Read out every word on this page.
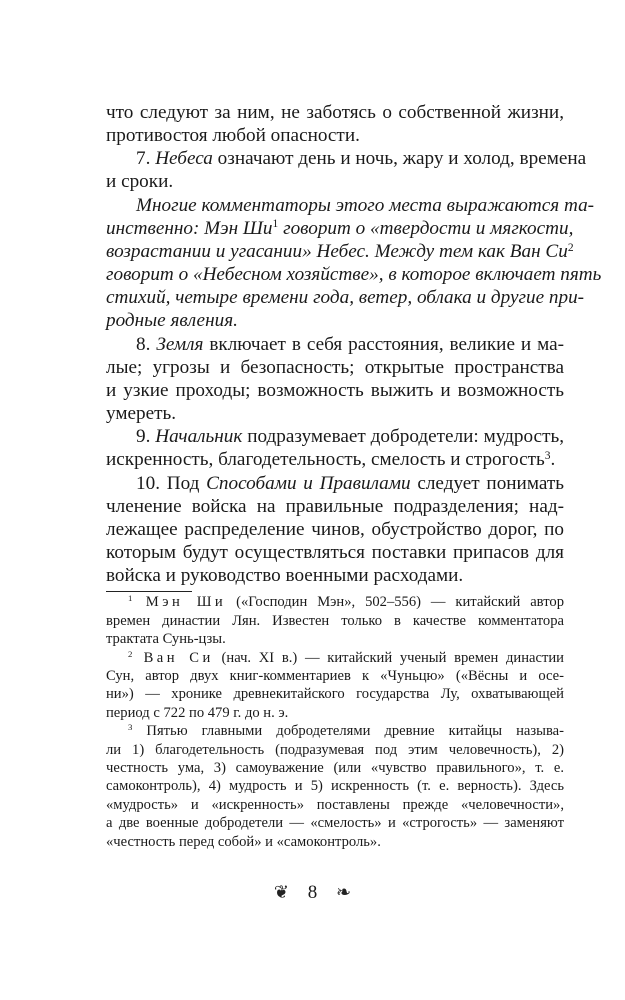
что следуют за ним, не заботясь о собственной жизни,
противостоя любой опасности.
7. Небеса означают день и ночь, жару и холод, времена
и сроки.
Многие комментаторы этого места выражаются та-
инственно: Мэн $Ши^1$ говорит о «твердости и мягкости,
возрастании и угасании» Небес. Между тем как Ван $Си^2$
говорит о «Небесном хозяйстве», в которое включает пять
стихий, четыре времени года, ветер, облака и другие при-
родные явления.
8. Земля включает в себя расстояния, великие и ма-
лые; угрозы и безопасность; открытые пространства
и узкие проходы; возможность выжить и возможность
умереть.
9. Начальник подразумевает добродетели: мудрость,
искренность, благодетельность, смелость и строгость$^3$.
10. Под Способами и Правилами следует понимать
членение войска на правильные подразделения; над-
лежащее распределение чинов, обустройство дорог, по
которым будут осуществляться поставки припасов для
войска и руководство военными расходами.
$^1$ Мэн Ши («Господин Мэн», 502–556) — китайский автор
времен династии Лян. Известен только в качестве комментатора
трактата Сунь-цзы.
$^2$ Ван Си (нач. XI в.) — китайский ученый времен династии
Сун, автор двух книг-комментариев к «Чуньцю» («Вёсны и осе-
ни») — хронике древнекитайского государства Лу, охватывающей
период с 722 по 479 г. до н. э.
$^3$ Пятью главными добродетелями древние китайцы называ-
ли 1) благодетельность (подразумевая под этим человечность), 2)
честность ума, 3) самоуважение (или «чувство правильного», т. е.
самоконтроль), 4) мудрость и 5) искренность (т. е. верность). Здесь
«мудрость» и «искренность» поставлены прежде «человечности»,
а две военные добродетели — «смелость» и «строгость» — заменяют
«честность перед собой» и «самоконтроль».
❦ 8 ❧
